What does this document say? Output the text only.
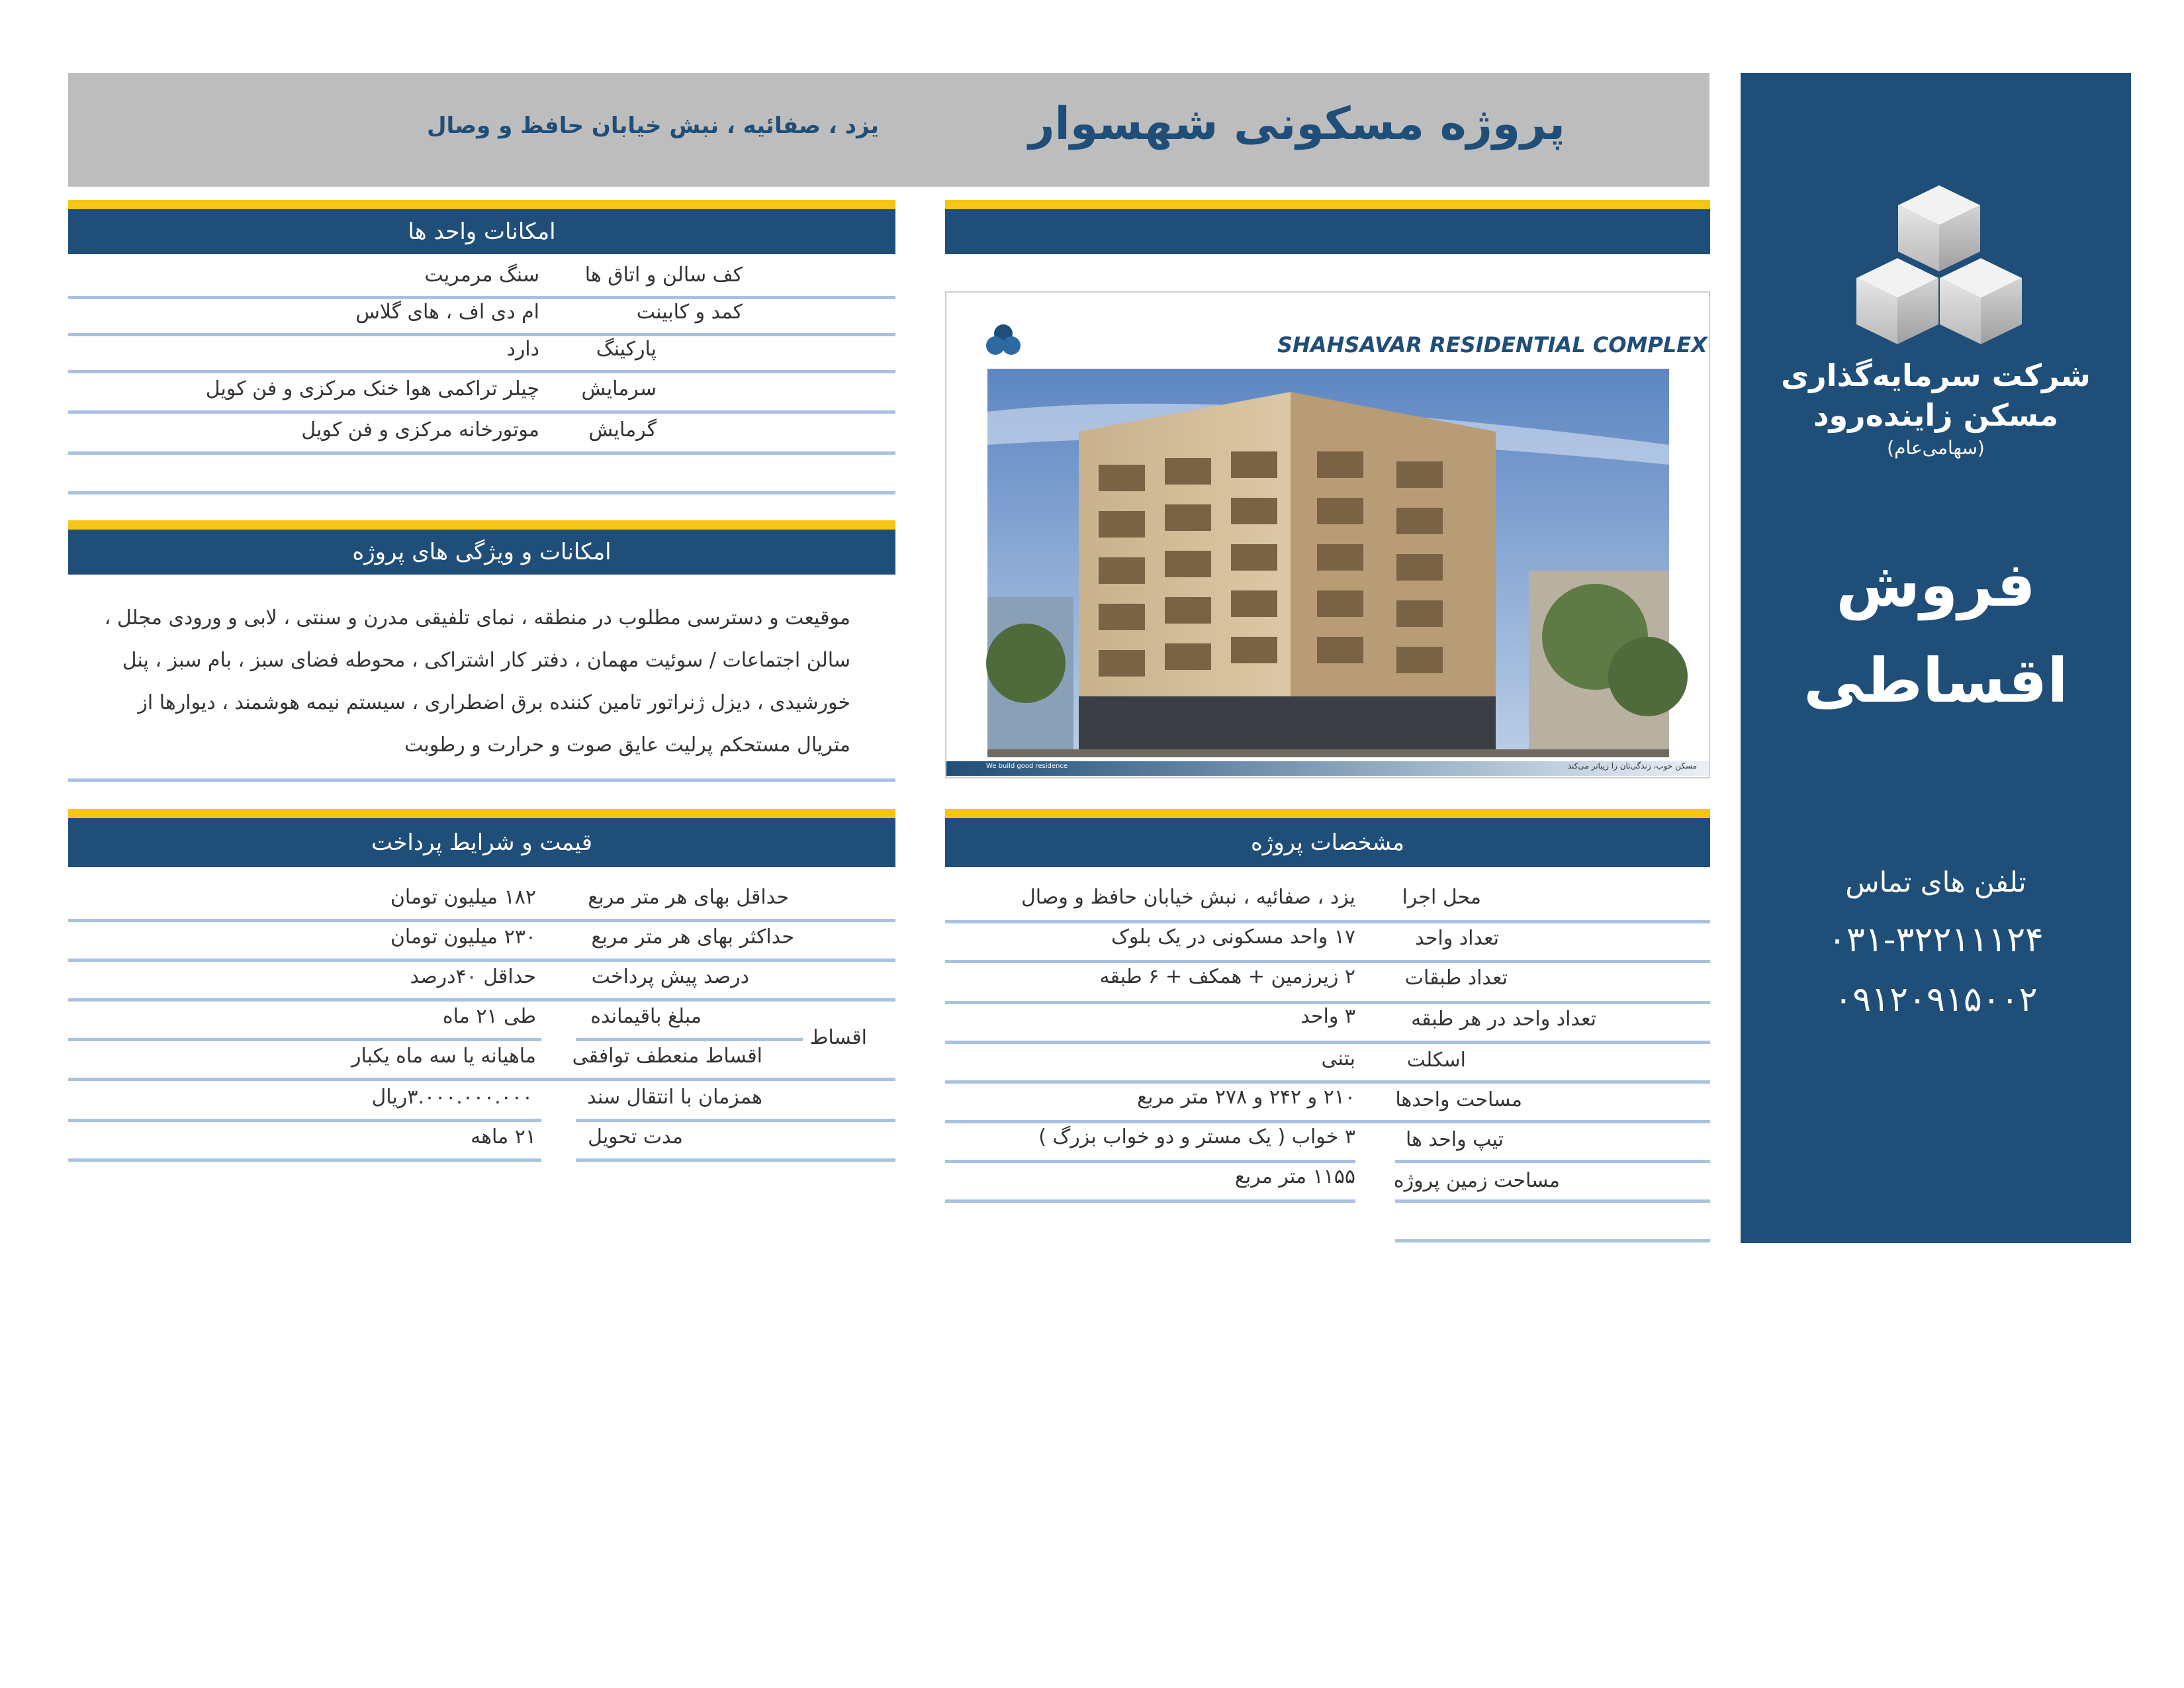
پروژه مسکونی شهسوار
یزد ، صفائیه ، نبش خیابان حافظ و وصال
شرکت سرمایه‌گذاری
مسکن زاینده‌رود
(سهامی‌عام)
فروش
اقساطی
تلفن های تماس
۰۳۱-۳۲۲۱۱۱۲۴
۰۹۱۲۰۹۱۵۰۰۲
امکانات واحد ها
کف سالن و اتاق ها
سنگ مرمریت
کمد و کابینت
ام دی اف ، های گلاس
پارکینگ
دارد
سرمایش
چیلر تراکمی هوا خنک مرکزی و فن کویل
گرمایش
موتورخانه مرکزی و فن کویل
امکانات و ویژگی های پروژه
موقیعت و دسترسی مطلوب در منطقه ، نمای تلفیقی مدرن و سنتی ، لابی و ورودی مجلل ،
سالن اجتماعات / سوئیت مهمان ، دفتر کار اشتراکی ، محوطه فضای سبز ، بام سبز ، پنل
خورشیدی ، دیزل ژنراتور تامین کننده برق اضطراری ، سیستم نیمه هوشمند ، دیوارها از
متریال مستحکم پرلیت عایق صوت و حرارت و رطوبت
قیمت و شرایط پرداخت
حداقل بهای هر متر مربع
۱۸۲ میلیون تومان
حداکثر بهای هر متر مربع
۲۳۰ میلیون تومان
درصد پیش پرداخت
حداقل ۴۰درصد
اقساط
مبلغ باقیمانده
طی ۲۱ ماه
اقساط منعطف توافقی
ماهیانه یا سه ماه یکبار
همزمان با انتقال سند
۳.۰۰۰.۰۰۰.۰۰۰ریال
مدت تحویل
۲۱ ماهه
SHAHSAVAR RESIDENTIAL COMPLEX
مسکن خوب، زندگی‌تان را زیباتر می‌کند
We build good residence
مشخصات پروژه
محل اجرا
یزد ، صفائیه ، نبش خیابان حافظ و وصال
تعداد واحد
۱۷ واحد مسکونی در یک بلوک
تعداد طبقات
۲ زیرزمین + همکف + ۶ طبقه
تعداد واحد در هر طبقه
۳ واحد
اسکلت
بتنی
مساحت واحدها
۲۱۰ و ۲۴۲ و ۲۷۸ متر مربع
تیپ واحد ها
۳ خواب ( یک مستر و دو خواب بزرگ )
مساحت زمین پروژه
۱۱۵۵ متر مربع
